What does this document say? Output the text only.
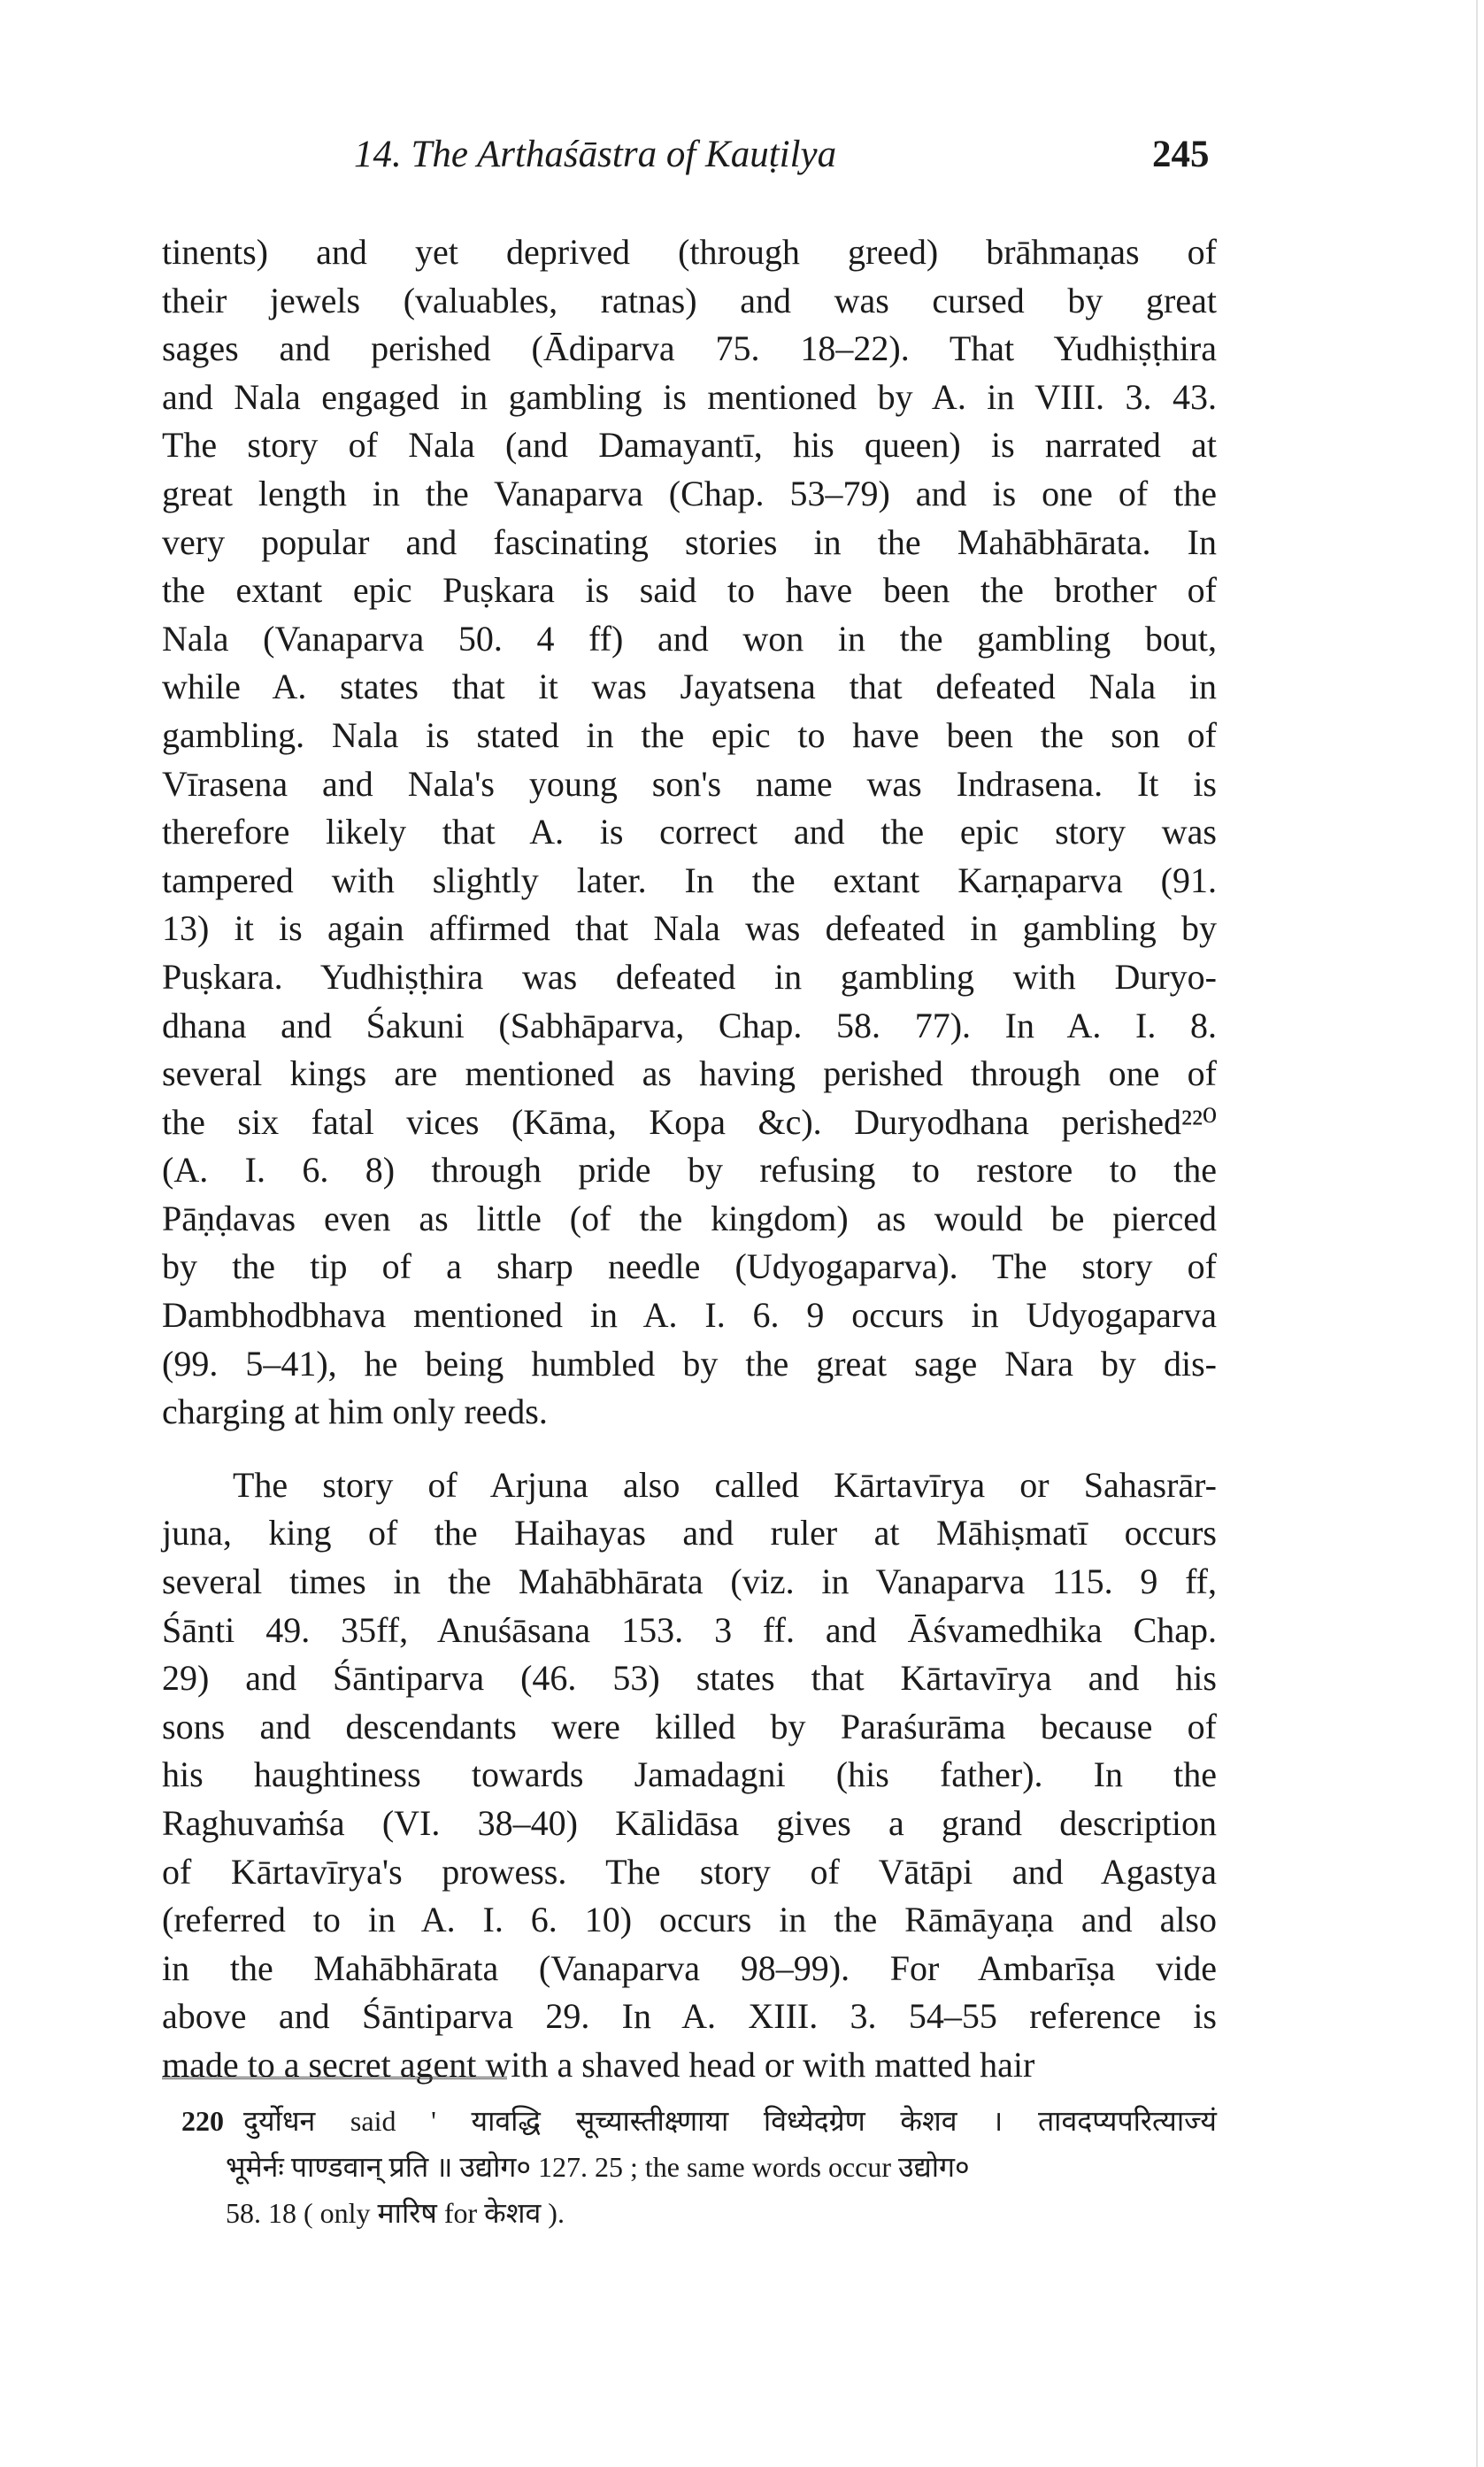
14. The Arthaśāstra of Kauṭilya	245
tinents) and yet deprived (through greed) brāhmaṇas of
their jewels (valuables, ratnas) and was cursed by great
sages and perished (Ādiparva 75. 18–22). That Yudhiṣṭhira
and Nala engaged in gambling is mentioned by A. in VIII. 3. 43.
The story of Nala (and Damayantī, his queen) is narrated at
great length in the Vanaparva (Chap. 53–79) and is one of the
very popular and fascinating stories in the Mahābhārata. In
the extant epic Puṣkara is said to have been the brother of
Nala (Vanaparva 50. 4 ff) and won in the gambling bout,
while A. states that it was Jayatsena that defeated Nala in
gambling. Nala is stated in the epic to have been the son of
Vīrasena and Nala's young son's name was Indrasena. It is
therefore likely that A. is correct and the epic story was
tampered with slightly later. In the extant Karṇaparva (91.
13) it is again affirmed that Nala was defeated in gambling by
Puṣkara. Yudhiṣṭhira was defeated in gambling with Duryo-
dhana and Śakuni (Sabhāparva, Chap. 58. 77). In A. I. 8.
several kings are mentioned as having perished through one of
the six fatal vices (Kāma, Kopa &c). Duryodhana perished²²⁰
(A. I. 6. 8) through pride by refusing to restore to the
Pāṇḍavas even as little (of the kingdom) as would be pierced
by the tip of a sharp needle (Udyogaparva). The story of
Dambhodbhava mentioned in A. I. 6. 9 occurs in Udyogaparva
(99. 5–41), he being humbled by the great sage Nara by dis-
charging at him only reeds.
The story of Arjuna also called Kārtavīrya or Sahasrār-
juna, king of the Haihayas and ruler at Māhiṣmatī occurs
several times in the Mahābhārata (viz. in Vanaparva 115. 9 ff,
Śānti 49. 35ff, Anuśāsana 153. 3 ff. and Āśvamedhika Chap.
29) and Śāntiparva (46. 53) states that Kārtavīrya and his
sons and descendants were killed by Paraśurāma because of
his haughtiness towards Jamadagni (his father). In the
Raghuvaṁśa (VI. 38–40) Kālidāsa gives a grand description
of Kārtavīrya's prowess. The story of Vātāpi and Agastya
(referred to in A. I. 6. 10) occurs in the Rāmāyaṇa and also
in the Mahābhārata (Vanaparva 98–99). For Ambarīṣa vide
above and Śāntiparva 29. In A. XIII. 3. 54–55 reference is
made to a secret agent with a shaved head or with matted hair
220 दुर्योधन said ' यावद्धि सूच्यास्तीक्ष्णाया विध्येदग्रेण केशव । तावदप्यपरित्याज्यं
भूमेर्नः पाण्डवान् प्रति ॥ उद्योग० 127. 25 ; the same words occur उद्योग०
58. 18 ( only मारिष for केशव ).
